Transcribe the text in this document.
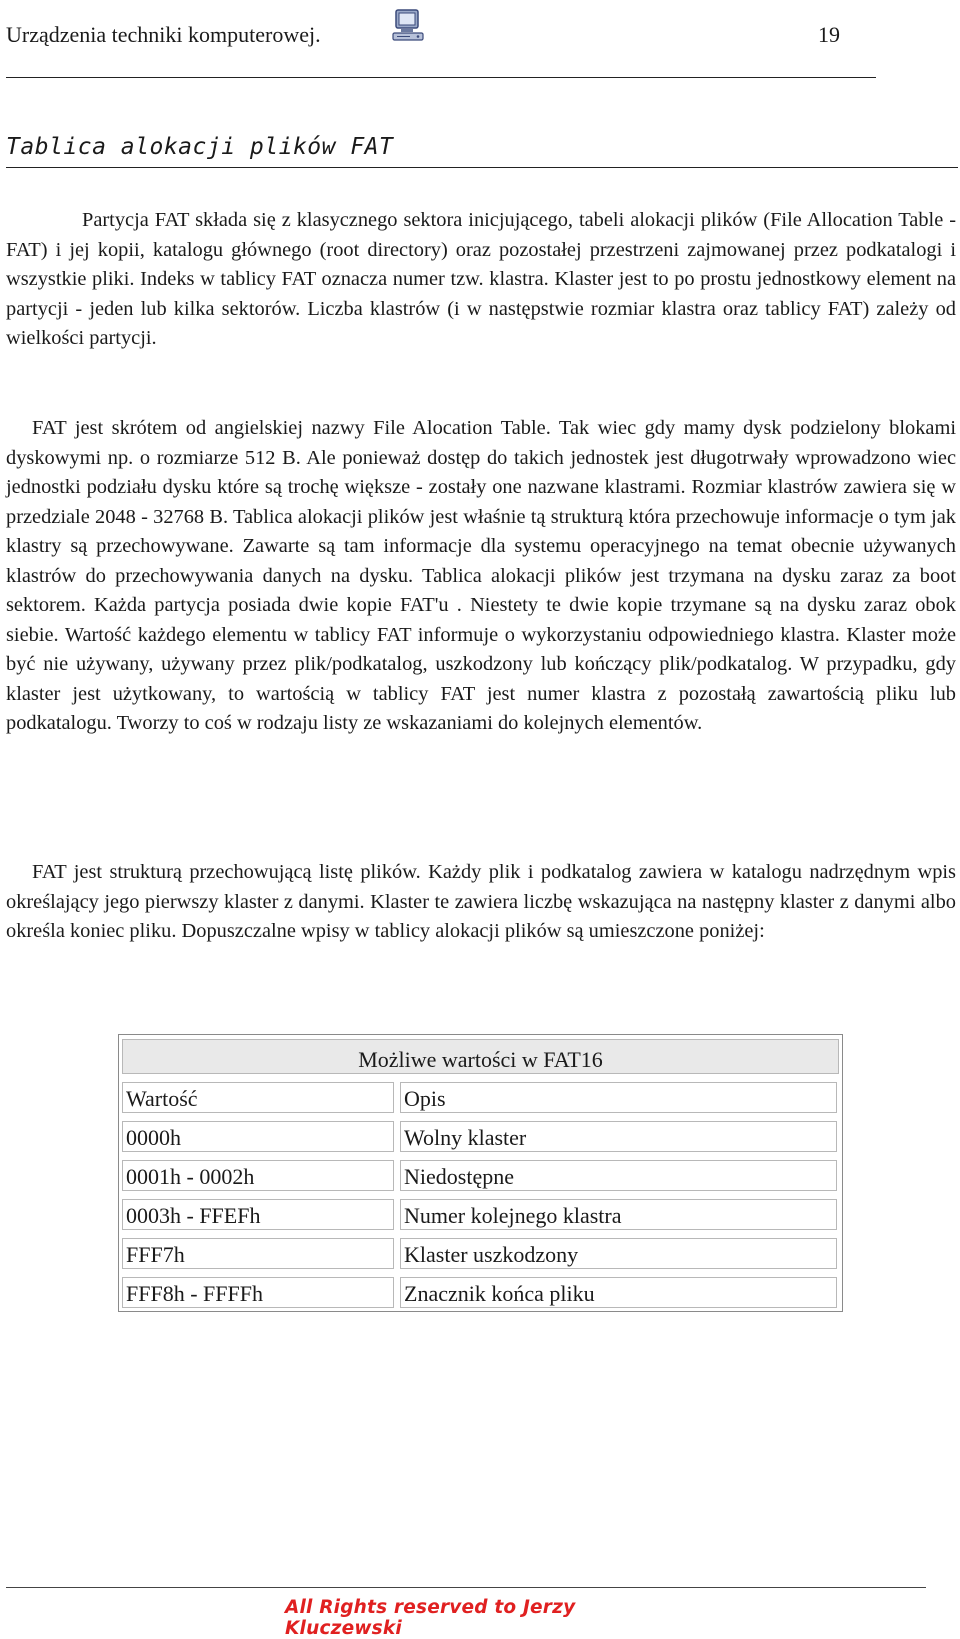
Urządzenia techniki komputerowej.	19
Tablica alokacji plików FAT

Partycja FAT składa się z klasycznego sektora inicjującego, tabeli alokacji plików (File Allocation Table - FAT) i jej kopii, katalogu głównego (root directory) oraz pozostałej przestrzeni zajmowanej przez podkatalogi i wszystkie pliki. Indeks w tablicy FAT oznacza numer tzw. klastra. Klaster jest to po prostu jednostkowy element na partycji - jeden lub kilka sektorów. Liczba klastrów (i w następstwie rozmiar klastra oraz tablicy FAT) zależy od wielkości partycji.

FAT jest skrótem od angielskiej nazwy File Alocation Table. Tak wiec gdy mamy dysk podzielony blokami dyskowymi np. o rozmiarze 512 B. Ale ponieważ dostęp do takich jednostek jest długotrwały wprowadzono wiec jednostki podziału dysku które są trochę większe - zostały one nazwane klastrami. Rozmiar klastrów zawiera się w przedziale 2048 - 32768 B. Tablica alokacji plików jest właśnie tą strukturą która przechowuje informacje o tym jak klastry są przechowywane. Zawarte są tam informacje dla systemu operacyjnego na temat obecnie używanych klastrów do przechowywania danych na dysku. Tablica alokacji plików jest trzymana na dysku zaraz za boot sektorem. Każda partycja posiada dwie kopie FAT'u . Niestety te dwie kopie trzymane są na dysku zaraz obok siebie. Wartość każdego elementu w tablicy FAT informuje o wykorzystaniu odpowiedniego klastra. Klaster może być nie używany, używany przez plik/podkatalog, uszkodzony lub kończący plik/podkatalog. W przypadku, gdy klaster jest użytkowany, to wartością w tablicy FAT jest numer klastra z pozostałą zawartością pliku lub podkatalogu. Tworzy to coś w rodzaju listy ze wskazaniami do kolejnych elementów.

FAT jest strukturą przechowującą listę plików. Każdy plik i podkatalog zawiera w katalogu nadrzędnym wpis określający jego pierwszy klaster z danymi. Klaster te zawiera liczbę wskazująca na następny klaster z danymi albo określa koniec pliku. Dopuszczalne wpisy w tablicy alokacji plików są umieszczone poniżej:

Możliwe wartości w FAT16
Wartość	Opis
0000h	Wolny klaster
0001h - 0002h	Niedostępne
0003h - FFEFh	Numer kolejnego klastra
FFF7h	Klaster uszkodzony
FFF8h - FFFFh	Znacznik końca pliku
All Rights reserved to Jerzy Kluczewski
